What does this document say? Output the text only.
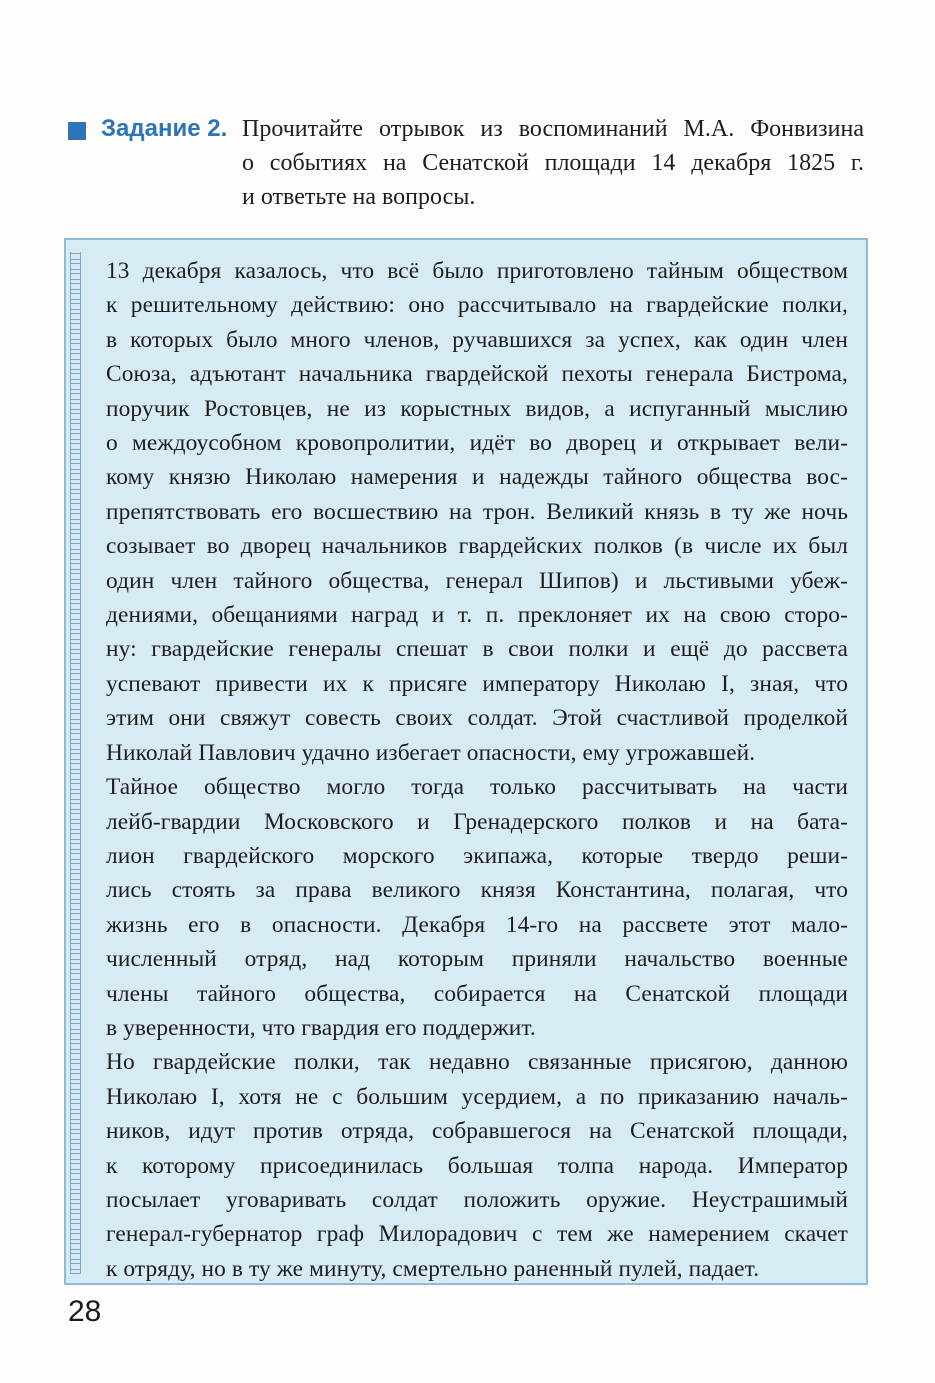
Задание 2. Прочитайте отрывок из воспоминаний М.А. Фонвизина
о событиях на Сенатской площади 14 декабря 1825 г.
и ответьте на вопросы.

13 декабря казалось, что всё было приготовлено тайным обществом
к решительному действию: оно рассчитывало на гвардейские полки,
в которых было много членов, ручавшихся за успех, как один член
Союза, адъютант начальника гвардейской пехоты генерала Бистрома,
поручик Ростовцев, не из корыстных видов, а испуганный мыслию
о междоусобном кровопролитии, идёт во дворец и открывает вели-
кому князю Николаю намерения и надежды тайного общества вос-
препятствовать его восшествию на трон. Великий князь в ту же ночь
созывает во дворец начальников гвардейских полков (в числе их был
один член тайного общества, генерал Шипов) и льстивыми убеж-
дениями, обещаниями наград и т. п. преклоняет их на свою сторо-
ну: гвардейские генералы спешат в свои полки и ещё до рассвета
успевают привести их к присяге императору Николаю I, зная, что
этим они свяжут совесть своих солдат. Этой счастливой проделкой
Николай Павлович удачно избегает опасности, ему угрожавшей.

Тайное общество могло тогда только рассчитывать на части
лейб-гвардии Московского и Гренадерского полков и на бата-
лион гвардейского морского экипажа, которые твердо реши-
лись стоять за права великого князя Константина, полагая, что
жизнь его в опасности. Декабря 14-го на рассвете этот мало-
численный отряд, над которым приняли начальство военные
члены тайного общества, собирается на Сенатской площади
в уверенности, что гвардия его поддержит.

Но гвардейские полки, так недавно связанные присягою, данною
Николаю I, хотя не с большим усердием, а по приказанию началь-
ников, идут против отряда, собравшегося на Сенатской площади,
к которому присоединилась большая толпа народа. Император
посылает уговаривать солдат положить оружие. Неустрашимый
генерал-губернатор граф Милорадович с тем же намерением скачет
к отряду, но в ту же минуту, смертельно раненный пулей, падает.

28
